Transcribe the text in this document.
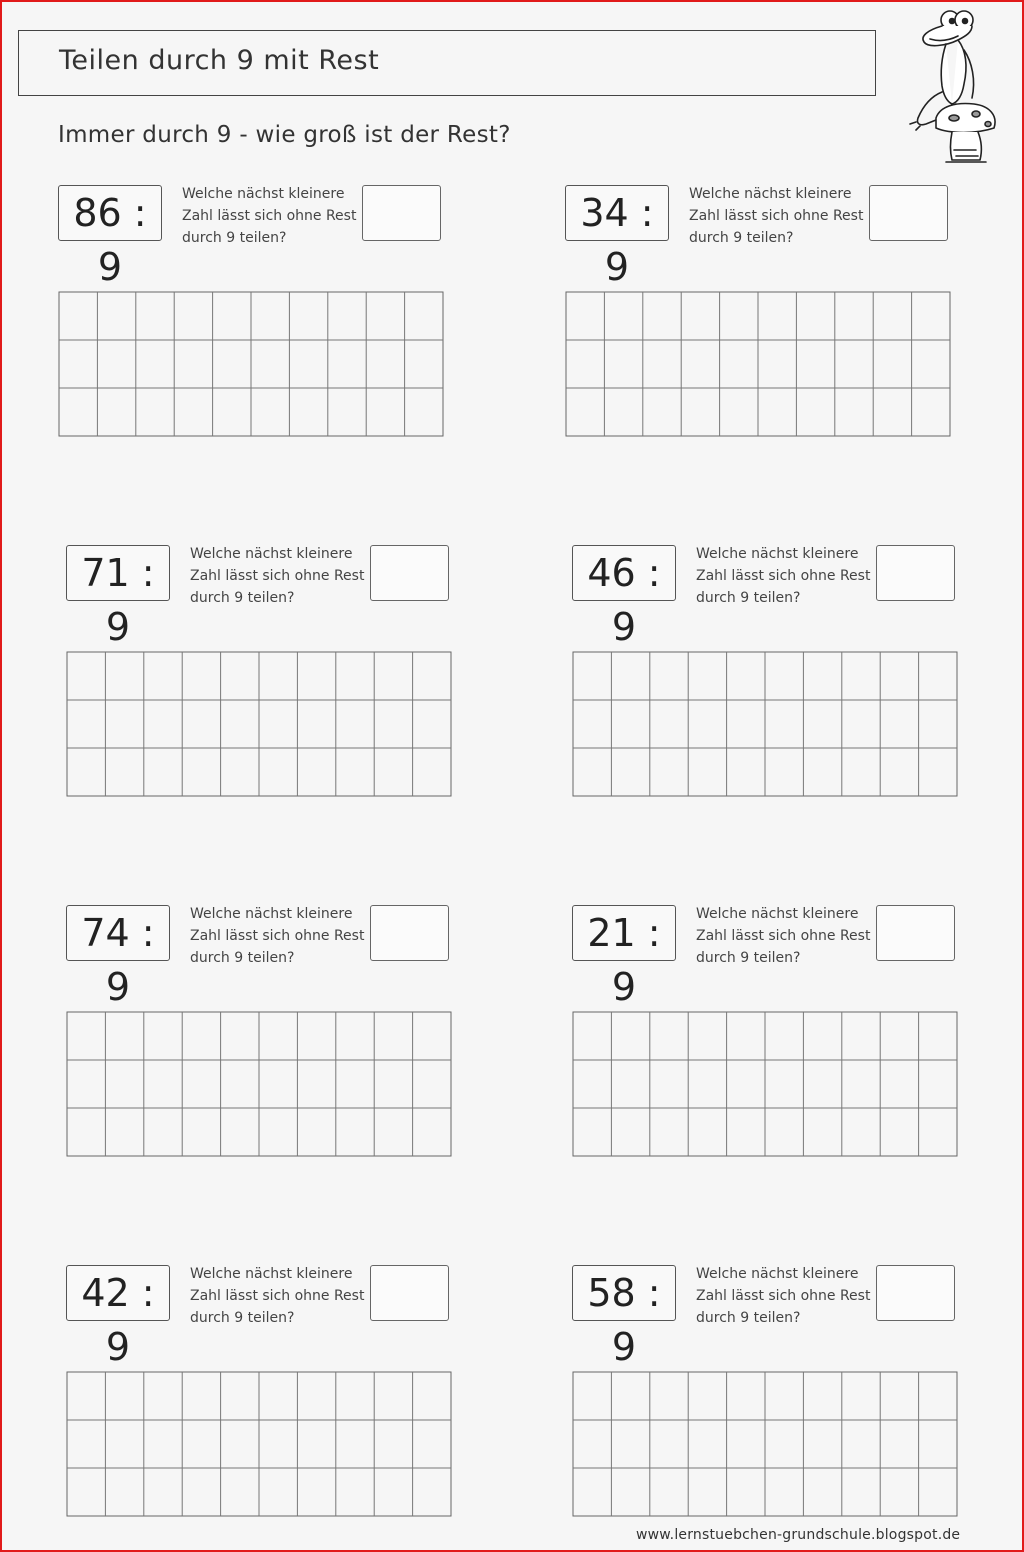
Teilen durch 9 mit Rest
Immer durch 9 - wie groß ist der Rest?
86 : 9
Welche nächst kleinere
Zahl lässt sich ohne Rest
durch 9 teilen?
34 : 9
Welche nächst kleinere
Zahl lässt sich ohne Rest
durch 9 teilen?
71 : 9
Welche nächst kleinere
Zahl lässt sich ohne Rest
durch 9 teilen?
46 : 9
Welche nächst kleinere
Zahl lässt sich ohne Rest
durch 9 teilen?
74 : 9
Welche nächst kleinere
Zahl lässt sich ohne Rest
durch 9 teilen?
21 : 9
Welche nächst kleinere
Zahl lässt sich ohne Rest
durch 9 teilen?
42 : 9
Welche nächst kleinere
Zahl lässt sich ohne Rest
durch 9 teilen?
58 : 9
Welche nächst kleinere
Zahl lässt sich ohne Rest
durch 9 teilen?
www.lernstuebchen-grundschule.blogspot.de
